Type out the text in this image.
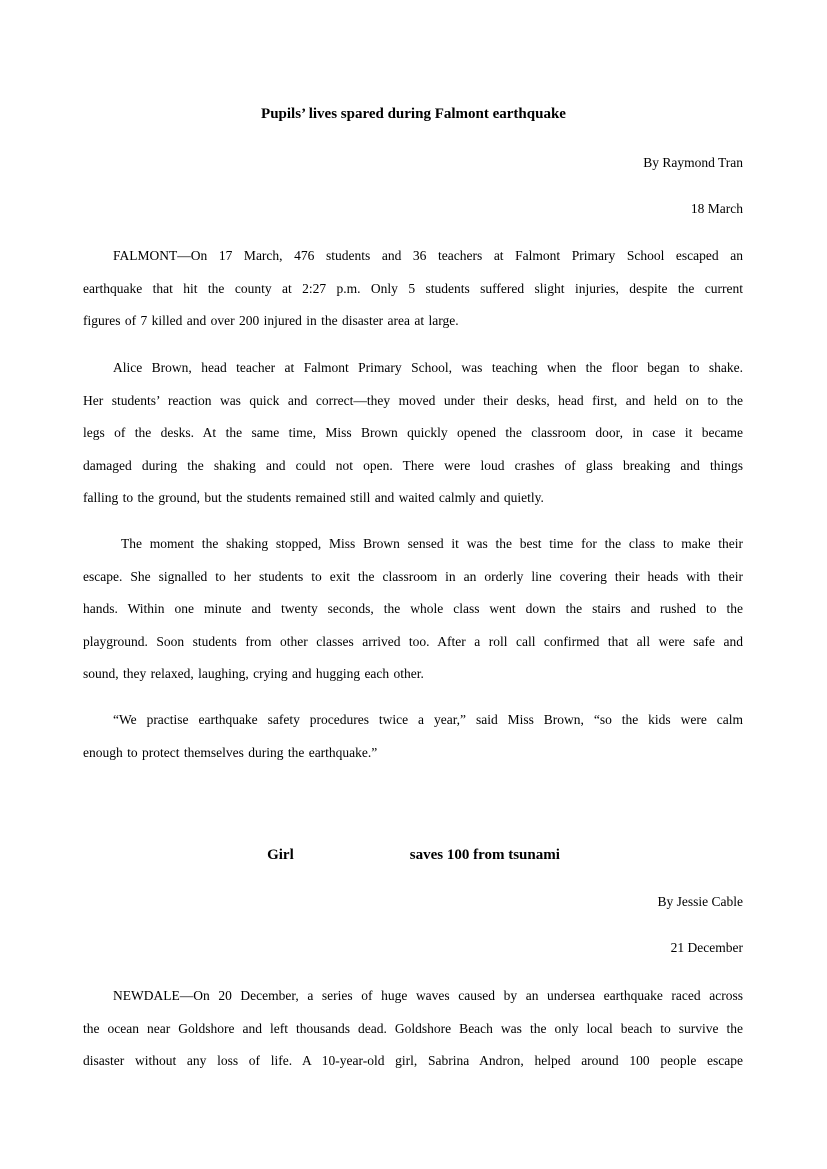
Pupils’ lives spared during Falmont earthquake
By Raymond Tran
18 March
FALMONT—On 17 March, 476 students and 36 teachers at Falmont Primary School escaped an
earthquake that hit the county at 2:27 p.m. Only 5 students suffered slight injuries, despite the current
figures of 7 killed and over 200 injured in the disaster area at large.
Alice Brown, head teacher at Falmont Primary School, was teaching when the floor began to shake.
Her students’ reaction was quick and correct—they moved under their desks, head first, and held on to the
legs of the desks. At the same time, Miss Brown quickly opened the classroom door, in case it became
damaged during the shaking and could not open. There were loud crashes of glass breaking and things
falling to the ground, but the students remained still and waited calmly and quietly.
The moment the shaking stopped, Miss Brown sensed it was the best time for the class to make their
escape. She signalled to her students to exit the classroom in an orderly line covering their heads with their
hands. Within one minute and twenty seconds, the whole class went down the stairs and rushed to the
playground. Soon students from other classes arrived too. After a roll call confirmed that all were safe and
sound, they relaxed, laughing, crying and hugging each other.
“We practise earthquake safety procedures twice a year,” said Miss Brown, “so the kids were calm
enough to protect themselves during the earthquake.”
Girl	saves 100 from tsunami
By Jessie Cable
21 December
NEWDALE—On 20 December, a series of huge waves caused by an undersea earthquake raced across
the ocean near Goldshore and left thousands dead. Goldshore Beach was the only local beach to survive the
disaster without any loss of life. A 10-year-old girl, Sabrina Andron, helped around 100 people escape
